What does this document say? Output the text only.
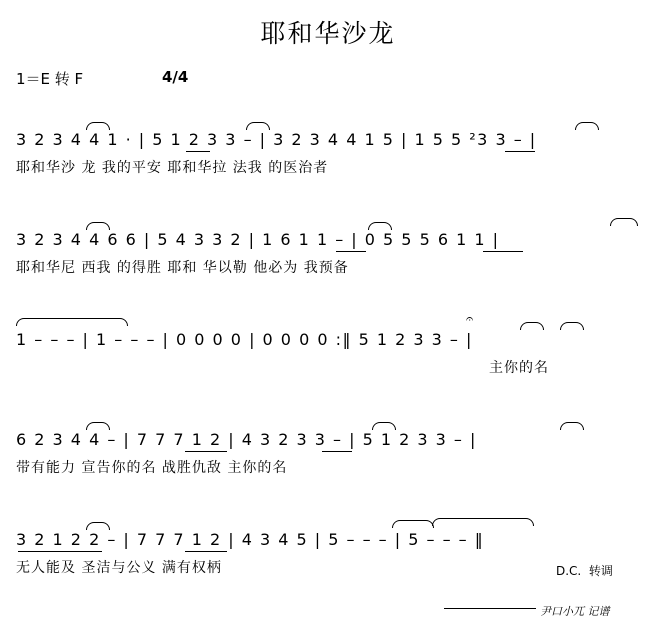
耶和华沙龙
1＝E 转 F	4/4
3 2 3 4 4 1 · | 5 1 2 3 3 – | 3 2 3 4 4 1 5 | 1 5 5 ²3 3 – |
耶和华沙 龙 我的平安 耶和华拉 法我 的医治者
3 2 3 4 4 6 6 | 5 4 3 3 2 | 1 6 1 1 – | 0 5 5 5 6 1 1 |
耶和华尼 西我 的得胜 耶和 华以勒 他必为 我预备
1 – – – | 1 – – – | 0 0 0 0 | 0 0 0 0 :‖ 5 1 2 3 3 – |
主你的名
𝄐
6 2 3 4 4 – | 7 7 7 1 2 | 4 3 2 3 3 – | 5 1 2 3 3 – |
带有能力 宣告你的名 战胜仇敌 主你的名
3 2 1 2 2 – | 7 7 7 1 2 | 4 3 4 5 | 5 – – – | 5 – – – ‖
无人能及 圣洁与公义 满有权柄	D.C.  转调
尹口小兀 记谱
